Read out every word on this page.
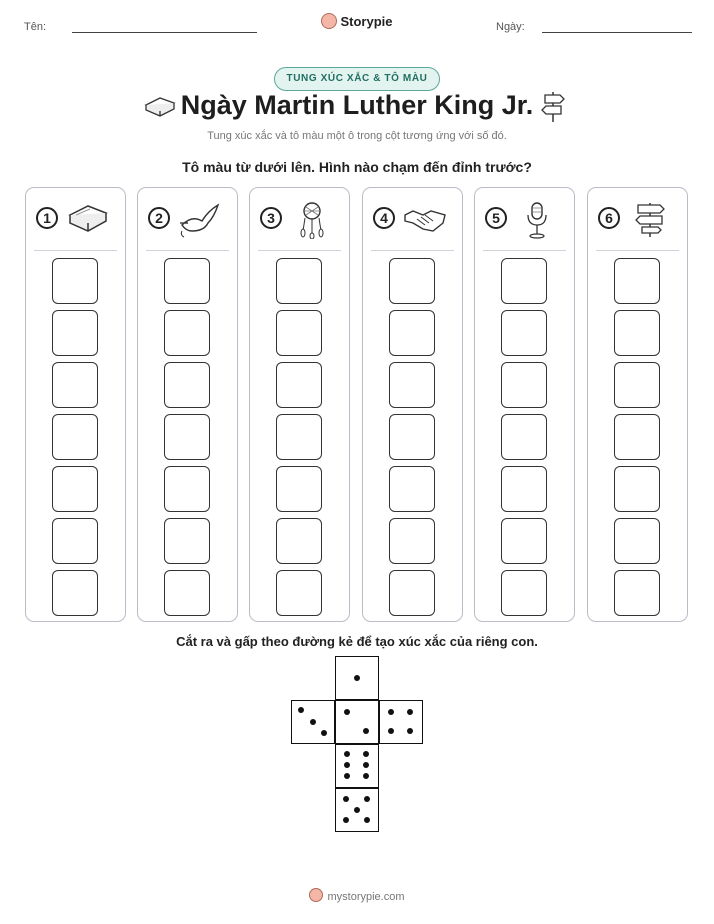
Tên:	Storypie	Ngày:
TUNG XÚC XẮC & TÔ MÀU
Ngày Martin Luther King Jr.
Tung xúc xắc và tô màu một ô trong cột tương ứng với số đó.
Tô màu từ dưới lên. Hình nào chạm đến đỉnh trước?
1	2	3	4	5	6
Cắt ra và gấp theo đường kẻ để tạo xúc xắc của riêng con.
mystorypie.com
